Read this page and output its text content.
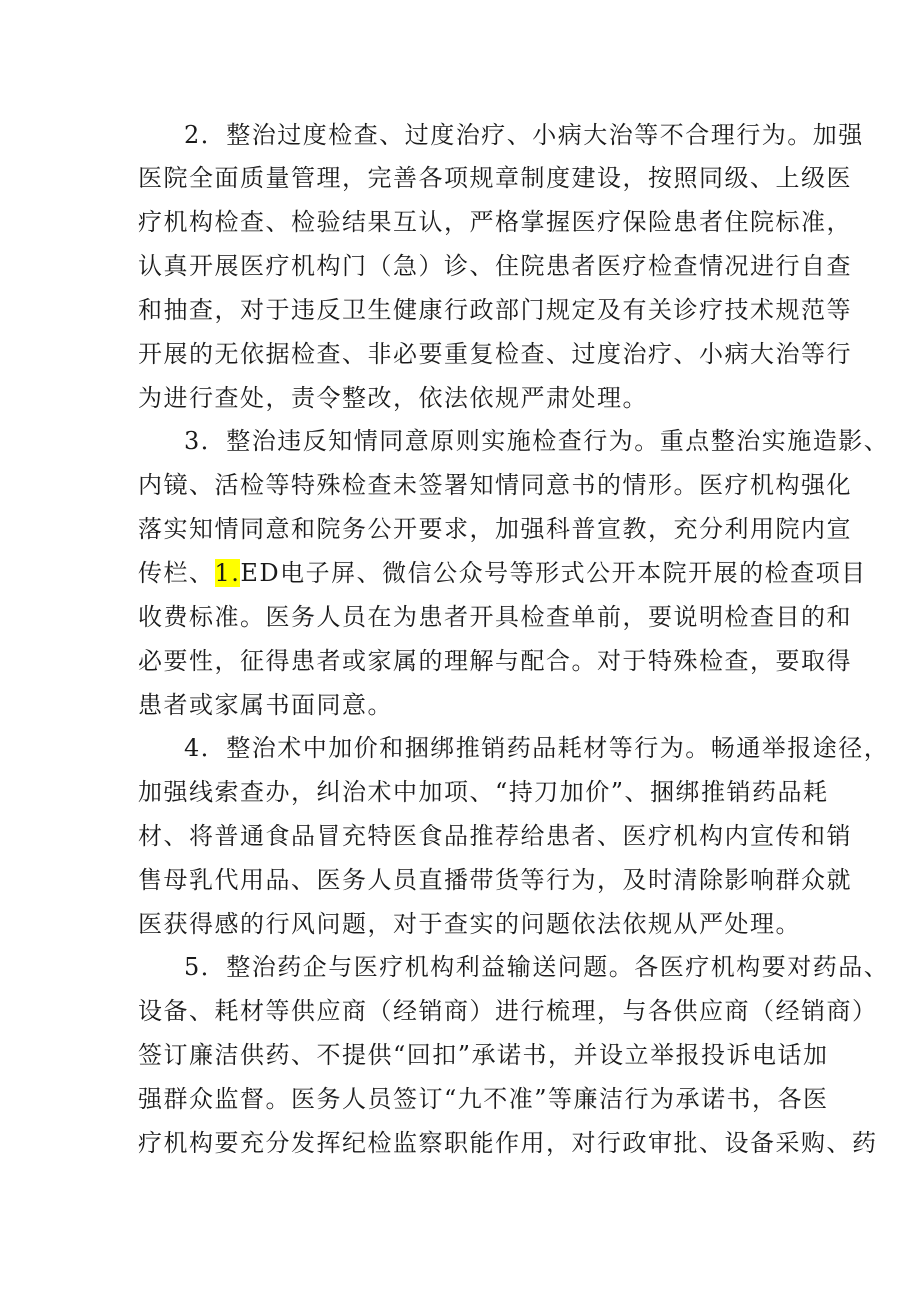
2．整治过度检查、过度治疗、小病大治等不合理行为。加强
医院全面质量管理，完善各项规章制度建设，按照同级、上级医
疗机构检查、检验结果互认，严格掌握医疗保险患者住院标准，
认真开展医疗机构门（急）诊、住院患者医疗检查情况进行自查
和抽查，对于违反卫生健康行政部门规定及有关诊疗技术规范等
开展的无依据检查、非必要重复检查、过度治疗、小病大治等行
为进行查处，责令整改，依法依规严肃处理。
3．整治违反知情同意原则实施检查行为。重点整治实施造影、
内镜、活检等特殊检查未签署知情同意书的情形。医疗机构强化
落实知情同意和院务公开要求，加强科普宣教，充分利用院内宣
传栏、1.ED电子屏、微信公众号等形式公开本院开展的检查项目
收费标准。医务人员在为患者开具检查单前，要说明检查目的和
必要性，征得患者或家属的理解与配合。对于特殊检查，要取得
患者或家属书面同意。
4．整治术中加价和捆绑推销药品耗材等行为。畅通举报途径，
加强线索查办，纠治术中加项、“持刀加价”、捆绑推销药品耗
材、将普通食品冒充特医食品推荐给患者、医疗机构内宣传和销
售母乳代用品、医务人员直播带货等行为，及时清除影响群众就
医获得感的行风问题，对于查实的问题依法依规从严处理。
5．整治药企与医疗机构利益输送问题。各医疗机构要对药品、
设备、耗材等供应商（经销商）进行梳理，与各供应商（经销商）
签订廉洁供药、不提供“回扣”承诺书，并设立举报投诉电话加
强群众监督。医务人员签订“九不准”等廉洁行为承诺书，各医
疗机构要充分发挥纪检监察职能作用，对行政审批、设备采购、药
